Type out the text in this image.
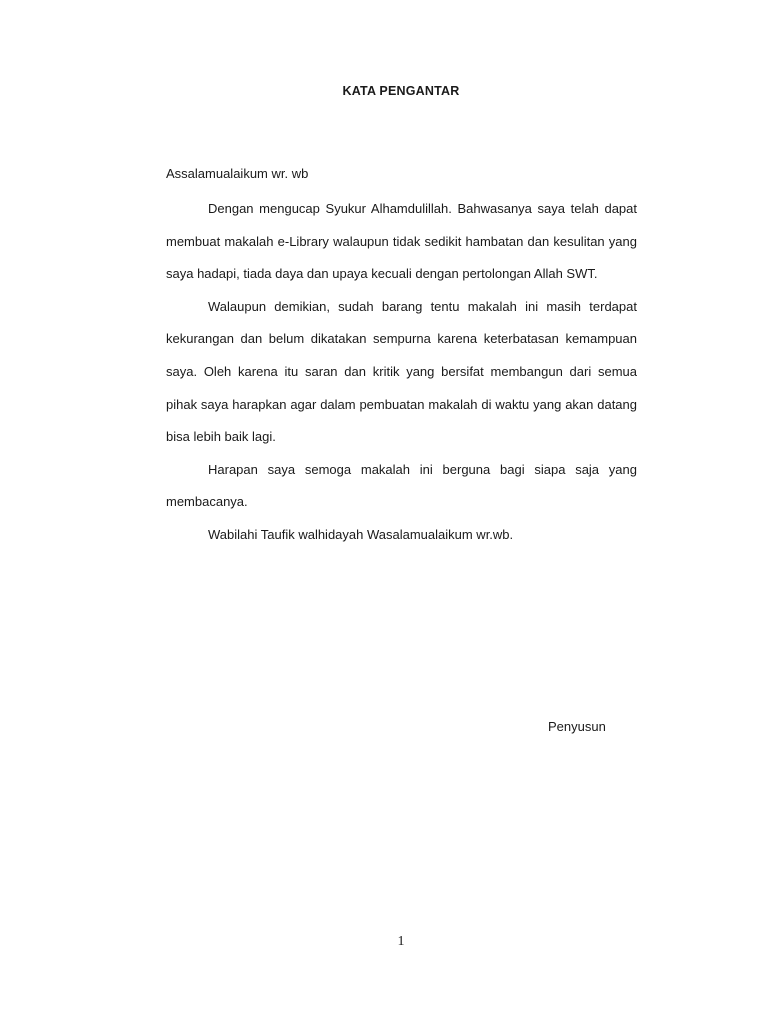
KATA PENGANTAR
Assalamualaikum wr. wb

Dengan mengucap Syukur Alhamdulillah. Bahwasanya saya telah dapat membuat makalah e-Library walaupun tidak sedikit hambatan dan kesulitan yang saya hadapi, tiada daya dan upaya kecuali dengan pertolongan Allah SWT.

Walaupun demikian, sudah barang tentu makalah ini masih terdapat kekurangan dan belum dikatakan sempurna karena keterbatasan kemampuan saya. Oleh karena itu saran dan kritik yang bersifat membangun dari semua pihak saya harapkan agar dalam pembuatan makalah di waktu yang akan datang bisa lebih baik lagi.

Harapan saya semoga makalah ini berguna bagi siapa saja yang membacanya.

Wabilahi Taufik walhidayah Wasalamualaikum wr.wb.

Penyusun
1
